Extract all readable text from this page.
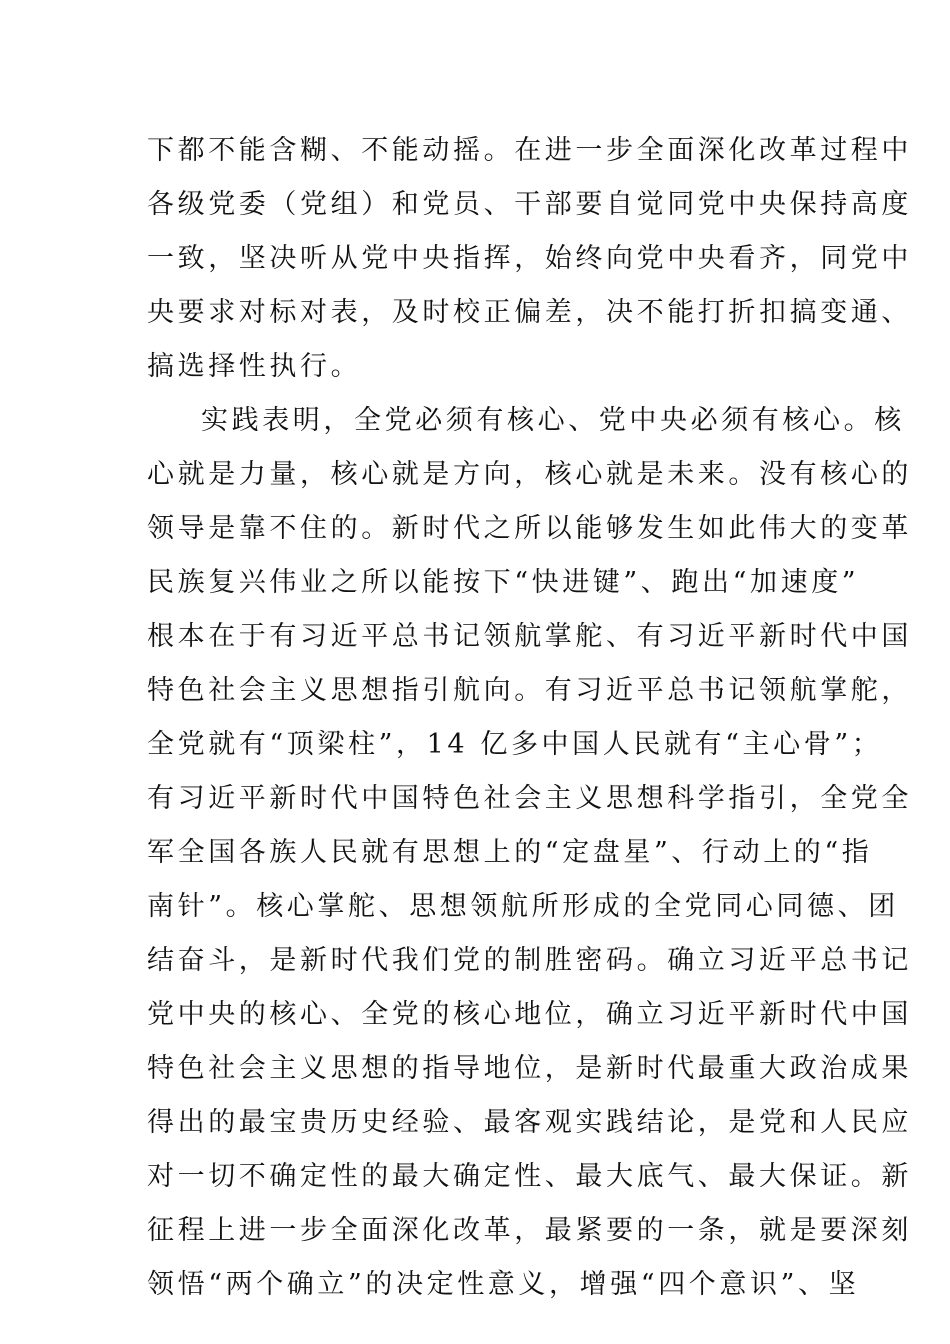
下都不能含糊、不能动摇。在进一步全面深化改革过程中
各级党委（党组）和党员、干部要自觉同党中央保持高度
一致，坚决听从党中央指挥，始终向党中央看齐，同党中
央要求对标对表，及时校正偏差，决不能打折扣搞变通、
搞选择性执行。
实践表明，全党必须有核心、党中央必须有核心。核
心就是力量，核心就是方向，核心就是未来。没有核心的
领导是靠不住的。新时代之所以能够发生如此伟大的变革
民族复兴伟业之所以能按下“快进键”、跑出“加速度”
根本在于有习近平总书记领航掌舵、有习近平新时代中国
特色社会主义思想指引航向。有习近平总书记领航掌舵，
全党就有“顶梁柱”，14 亿多中国人民就有“主心骨”；
有习近平新时代中国特色社会主义思想科学指引，全党全
军全国各族人民就有思想上的“定盘星”、行动上的“指
南针”。核心掌舵、思想领航所形成的全党同心同德、团
结奋斗，是新时代我们党的制胜密码。确立习近平总书记
党中央的核心、全党的核心地位，确立习近平新时代中国
特色社会主义思想的指导地位，是新时代最重大政治成果
得出的最宝贵历史经验、最客观实践结论，是党和人民应
对一切不确定性的最大确定性、最大底气、最大保证。新
征程上进一步全面深化改革，最紧要的一条，就是要深刻
领悟“两个确立”的决定性意义，增强“四个意识”、坚
